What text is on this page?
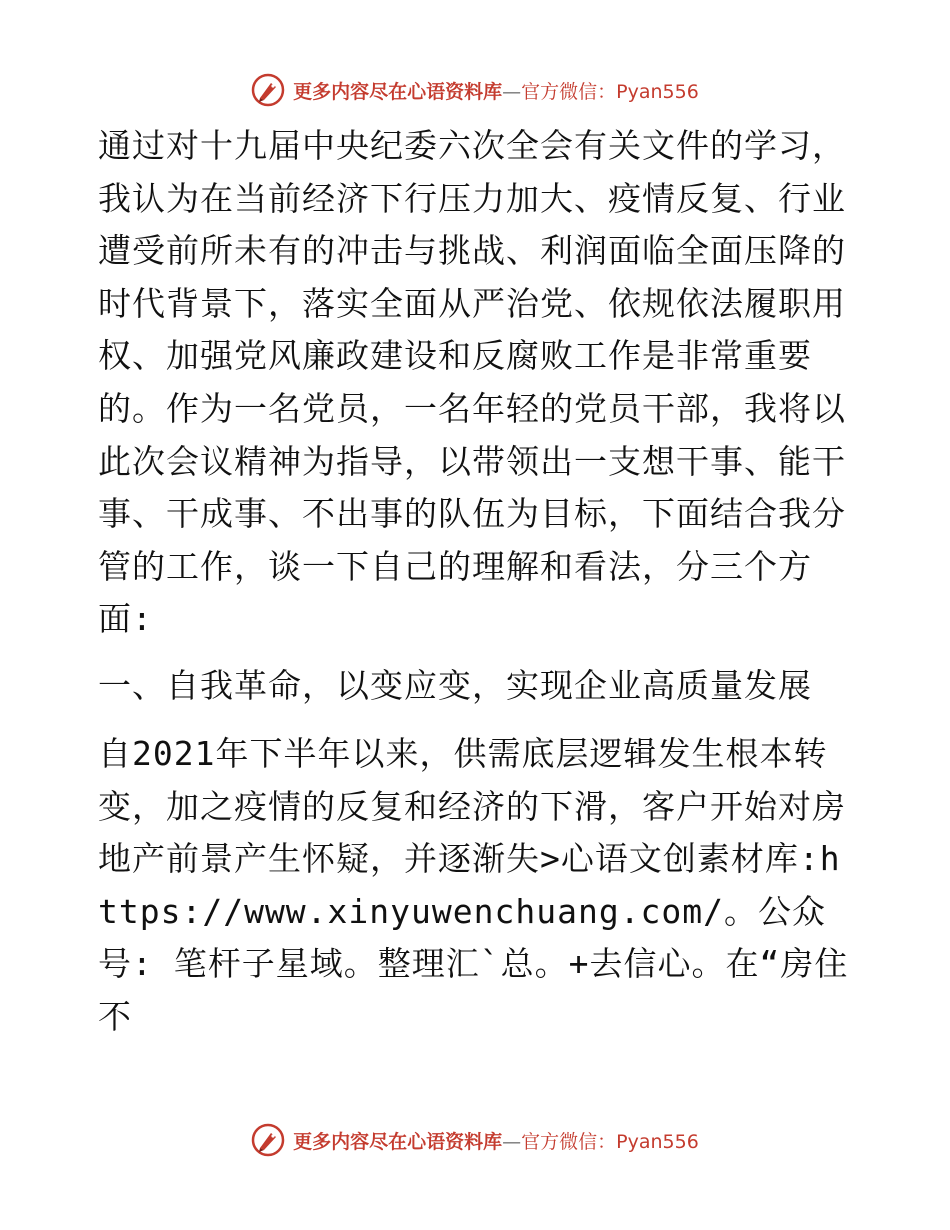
更多内容尽在心语资料库—官方微信：Pyan556

通过对十九届中央纪委六次全会有关文件的学习，我认为在当前经济下行压力加大、疫情反复、行业遭受前所未有的冲击与挑战、利润面临全面压降的时代背景下，落实全面从严治党、依规依法履职用权、加强党风廉政建设和反腐败工作是非常重要的。作为一名党员，一名年轻的党员干部，我将以此次会议精神为指导，以带领出一支想干事、能干事、干成事、不出事的队伍为目标，下面结合我分管的工作，谈一下自己的理解和看法，分三个方面:

一、自我革命，以变应变，实现企业高质量发展

自2021年下半年以来，供需底层逻辑发生根本转变，加之疫情的反复和经济的下滑，客户开始对房地产前景产生怀疑，并逐渐失>心语文创素材库:https://www.xinyuwenchuang.com/。公众号: 笔杆子星域。整理汇`总。+去信心。在“房住不

更多内容尽在心语资料库—官方微信：Pyan556
